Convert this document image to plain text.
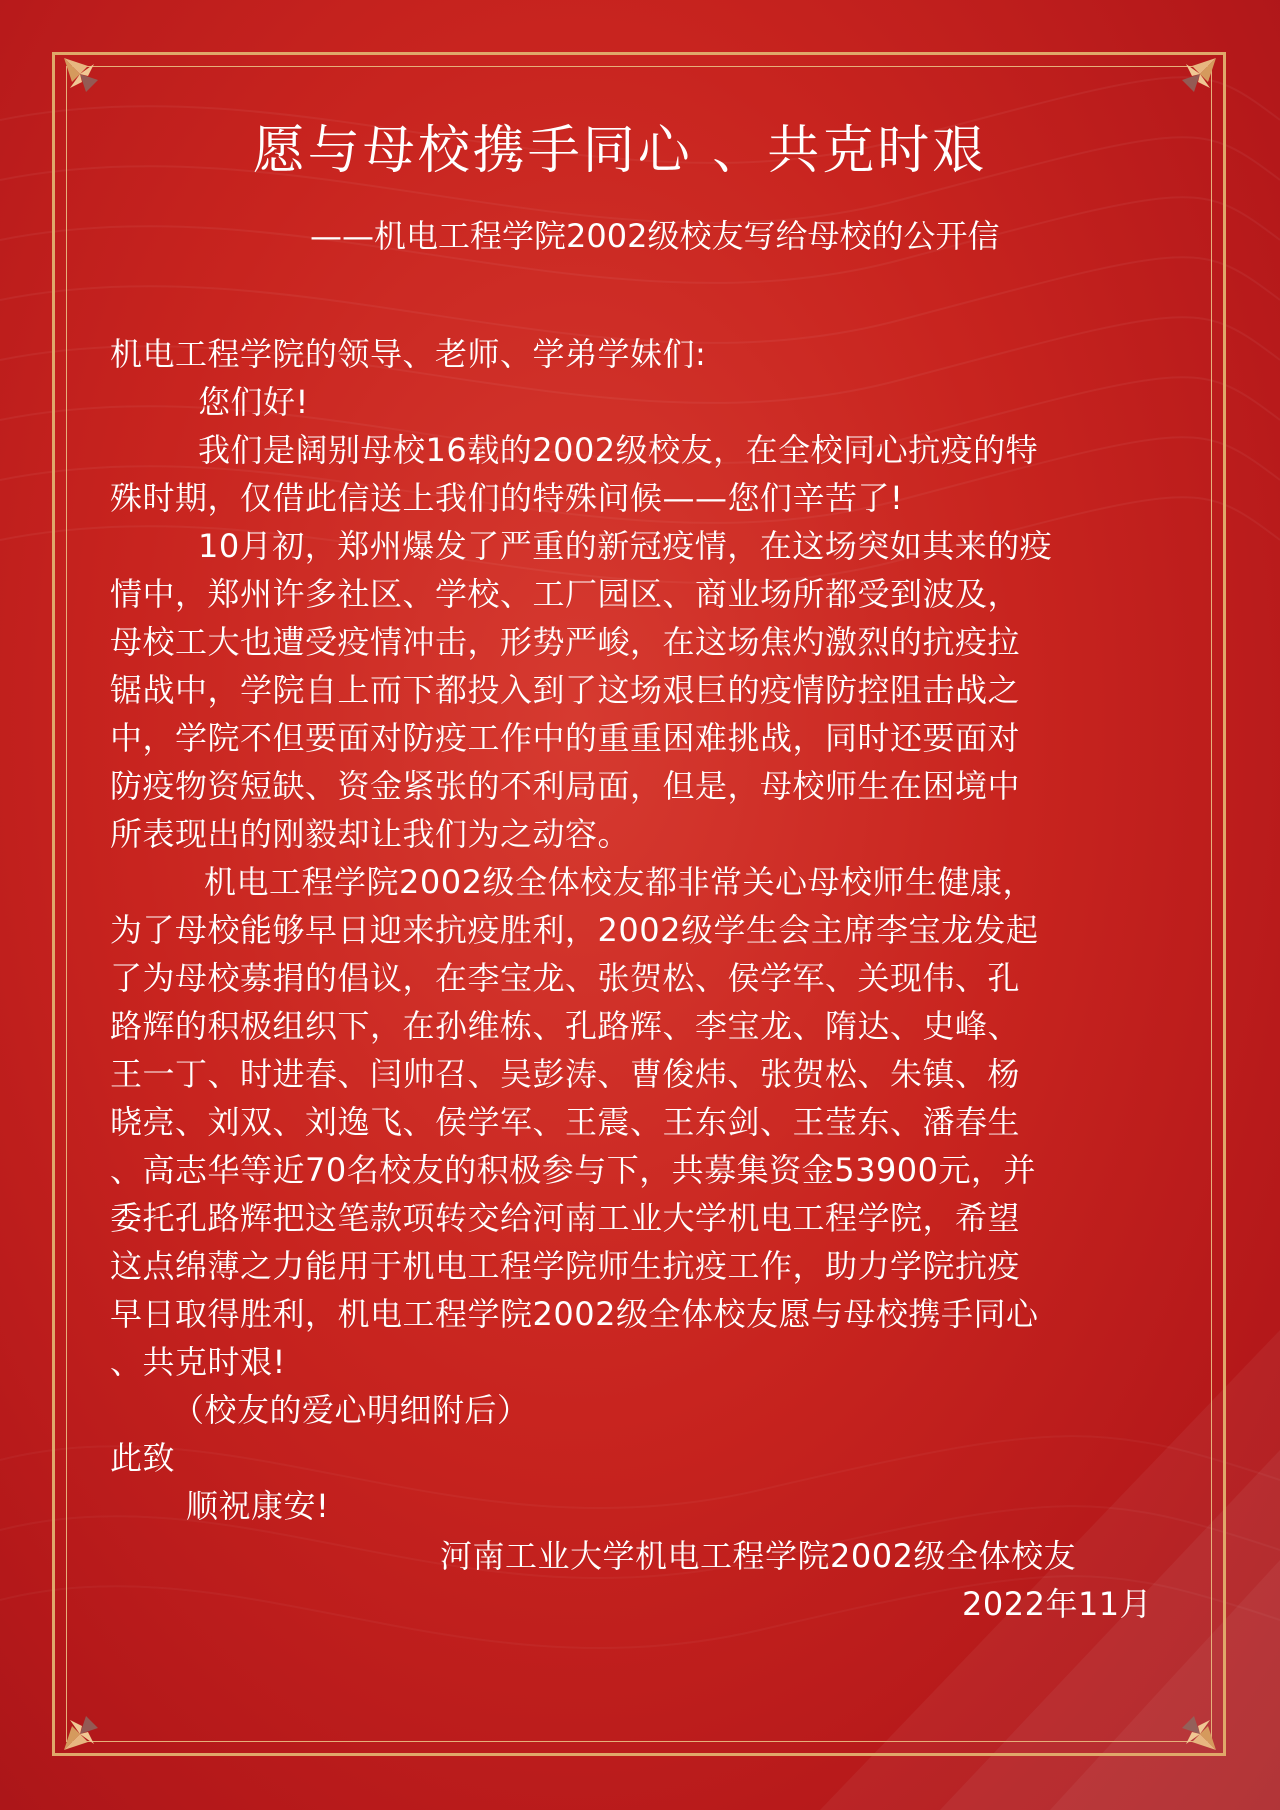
愿与母校携手同心 、共克时艰
——机电工程学院2002级校友写给母校的公开信
机电工程学院的领导、老师、学弟学妹们:
您们好!
我们是阔别母校16载的2002级校友，在全校同心抗疫的特
殊时期，仅借此信送上我们的特殊问候——您们辛苦了!
10月初，郑州爆发了严重的新冠疫情，在这场突如其来的疫
情中，郑州许多社区、学校、工厂园区、商业场所都受到波及，
母校工大也遭受疫情冲击，形势严峻，在这场焦灼激烈的抗疫拉
锯战中，学院自上而下都投入到了这场艰巨的疫情防控阻击战之
中，学院不但要面对防疫工作中的重重困难挑战，同时还要面对
防疫物资短缺、资金紧张的不利局面，但是，母校师生在困境中
所表现出的刚毅却让我们为之动容。
机电工程学院2002级全体校友都非常关心母校师生健康，
为了母校能够早日迎来抗疫胜利，2002级学生会主席李宝龙发起
了为母校募捐的倡议，在李宝龙、张贺松、侯学军、关现伟、孔
路辉的积极组织下，在孙维栋、孔路辉、李宝龙、隋达、史峰、
王一丁、时进春、闫帅召、吴彭涛、曹俊炜、张贺松、朱镇、杨
晓亮、刘双、刘逸飞、侯学军、王震、王东剑、王莹东、潘春生
、高志华等近70名校友的积极参与下，共募集资金53900元，并
委托孔路辉把这笔款项转交给河南工业大学机电工程学院，希望
这点绵薄之力能用于机电工程学院师生抗疫工作，助力学院抗疫
早日取得胜利，机电工程学院2002级全体校友愿与母校携手同心
、共克时艰!
（校友的爱心明细附后）
此致
顺祝康安!
河南工业大学机电工程学院2002级全体校友
2022年11月
